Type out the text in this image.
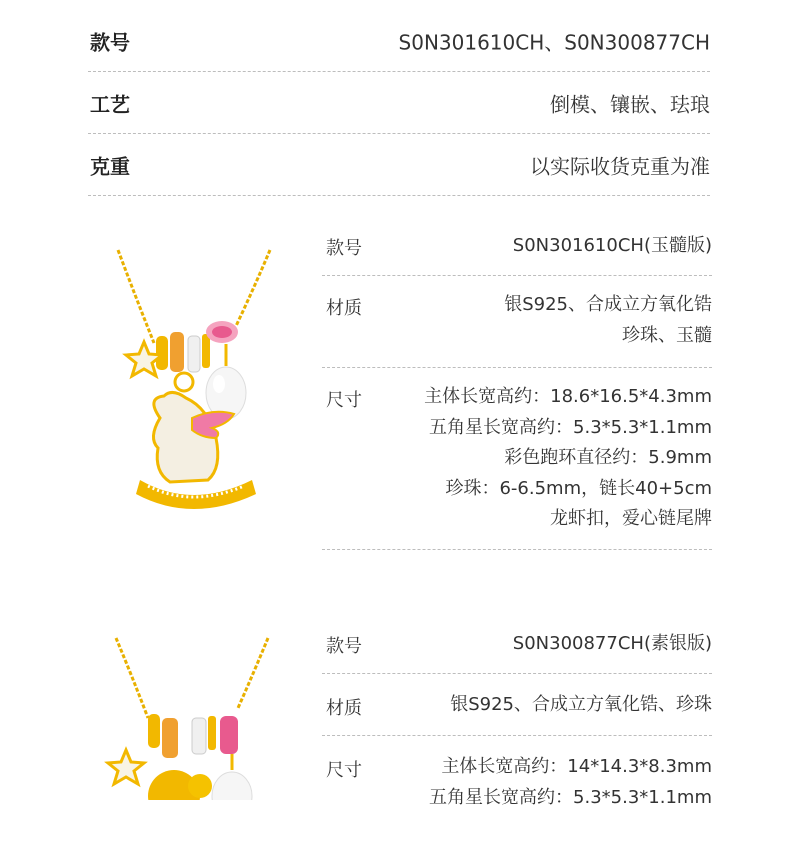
款号	S0N301610CH、S0N300877CH
工艺	倒模、镶嵌、珐琅
克重	以实际收货克重为准
款号	S0N301610CH(玉髓版)
材质	银S925、合成立方氧化锆
珍珠、玉髓
尺寸	主体长宽高约：18.6*16.5*4.3mm
五角星长宽高约：5.3*5.3*1.1mm
彩色跑环直径约：5.9mm
珍珠：6-6.5mm，链长40+5cm
龙虾扣，爱心链尾牌
款号	S0N300877CH(素银版)
材质	银S925、合成立方氧化锆、珍珠
尺寸	主体长宽高约：14*14.3*8.3mm
五角星长宽高约：5.3*5.3*1.1mm
